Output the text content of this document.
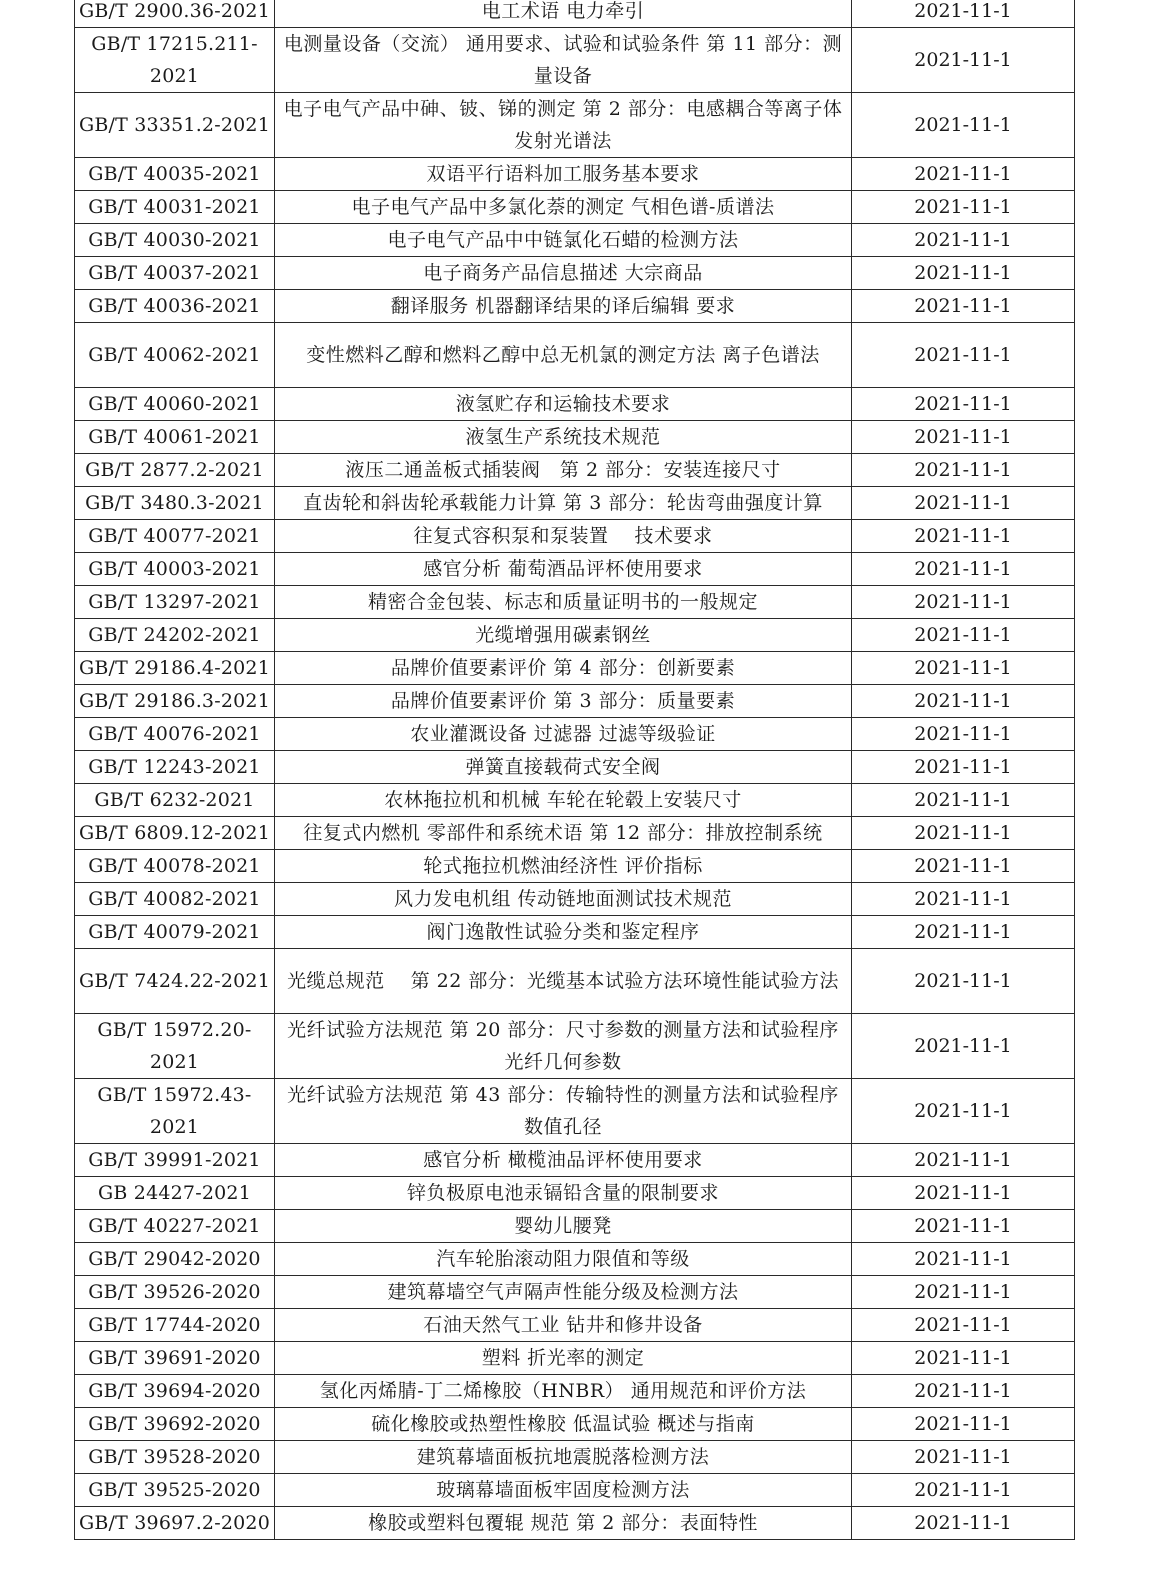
GB/T 2900.36-2021	电工术语 电力牵引	2021-11-1
GB/T 17215.211-2021	电测量设备（交流） 通用要求、试验和试验条件 第 11 部分：测量设备	2021-11-1
GB/T 33351.2-2021	电子电气产品中砷、铍、锑的测定 第 2 部分：电感耦合等离子体发射光谱法	2021-11-1
GB/T 40035-2021	双语平行语料加工服务基本要求	2021-11-1
GB/T 40031-2021	电子电气产品中多氯化萘的测定 气相色谱-质谱法	2021-11-1
GB/T 40030-2021	电子电气产品中中链氯化石蜡的检测方法	2021-11-1
GB/T 40037-2021	电子商务产品信息描述 大宗商品	2021-11-1
GB/T 40036-2021	翻译服务 机器翻译结果的译后编辑 要求	2021-11-1
GB/T 40062-2021	变性燃料乙醇和燃料乙醇中总无机氯的测定方法 离子色谱法	2021-11-1
GB/T 40060-2021	液氢贮存和运输技术要求	2021-11-1
GB/T 40061-2021	液氢生产系统技术规范	2021-11-1
GB/T 2877.2-2021	液压二通盖板式插装阀　第 2 部分：安装连接尺寸	2021-11-1
GB/T 3480.3-2021	直齿轮和斜齿轮承载能力计算 第 3 部分：轮齿弯曲强度计算	2021-11-1
GB/T 40077-2021	往复式容积泵和泵装置　 技术要求	2021-11-1
GB/T 40003-2021	感官分析 葡萄酒品评杯使用要求	2021-11-1
GB/T 13297-2021	精密合金包装、标志和质量证明书的一般规定	2021-11-1
GB/T 24202-2021	光缆增强用碳素钢丝	2021-11-1
GB/T 29186.4-2021	品牌价值要素评价 第 4 部分：创新要素	2021-11-1
GB/T 29186.3-2021	品牌价值要素评价 第 3 部分：质量要素	2021-11-1
GB/T 40076-2021	农业灌溉设备 过滤器 过滤等级验证	2021-11-1
GB/T 12243-2021	弹簧直接载荷式安全阀	2021-11-1
GB/T 6232-2021	农林拖拉机和机械 车轮在轮毂上安装尺寸	2021-11-1
GB/T 6809.12-2021	往复式内燃机 零部件和系统术语 第 12 部分：排放控制系统	2021-11-1
GB/T 40078-2021	轮式拖拉机燃油经济性 评价指标	2021-11-1
GB/T 40082-2021	风力发电机组 传动链地面测试技术规范	2021-11-1
GB/T 40079-2021	阀门逸散性试验分类和鉴定程序	2021-11-1
GB/T 7424.22-2021	光缆总规范　 第 22 部分：光缆基本试验方法环境性能试验方法	2021-11-1
GB/T 15972.20-2021	光纤试验方法规范 第 20 部分：尺寸参数的测量方法和试验程序 光纤几何参数	2021-11-1
GB/T 15972.43-2021	光纤试验方法规范 第 43 部分：传输特性的测量方法和试验程序 数值孔径	2021-11-1
GB/T 39991-2021	感官分析 橄榄油品评杯使用要求	2021-11-1
GB 24427-2021	锌负极原电池汞镉铅含量的限制要求	2021-11-1
GB/T 40227-2021	婴幼儿腰凳	2021-11-1
GB/T 29042-2020	汽车轮胎滚动阻力限值和等级	2021-11-1
GB/T 39526-2020	建筑幕墙空气声隔声性能分级及检测方法	2021-11-1
GB/T 17744-2020	石油天然气工业 钻井和修井设备	2021-11-1
GB/T 39691-2020	塑料 折光率的测定	2021-11-1
GB/T 39694-2020	氢化丙烯腈-丁二烯橡胶（HNBR） 通用规范和评价方法	2021-11-1
GB/T 39692-2020	硫化橡胶或热塑性橡胶 低温试验 概述与指南	2021-11-1
GB/T 39528-2020	建筑幕墙面板抗地震脱落检测方法	2021-11-1
GB/T 39525-2020	玻璃幕墙面板牢固度检测方法	2021-11-1
GB/T 39697.2-2020	橡胶或塑料包覆辊 规范 第 2 部分：表面特性	2021-11-1
